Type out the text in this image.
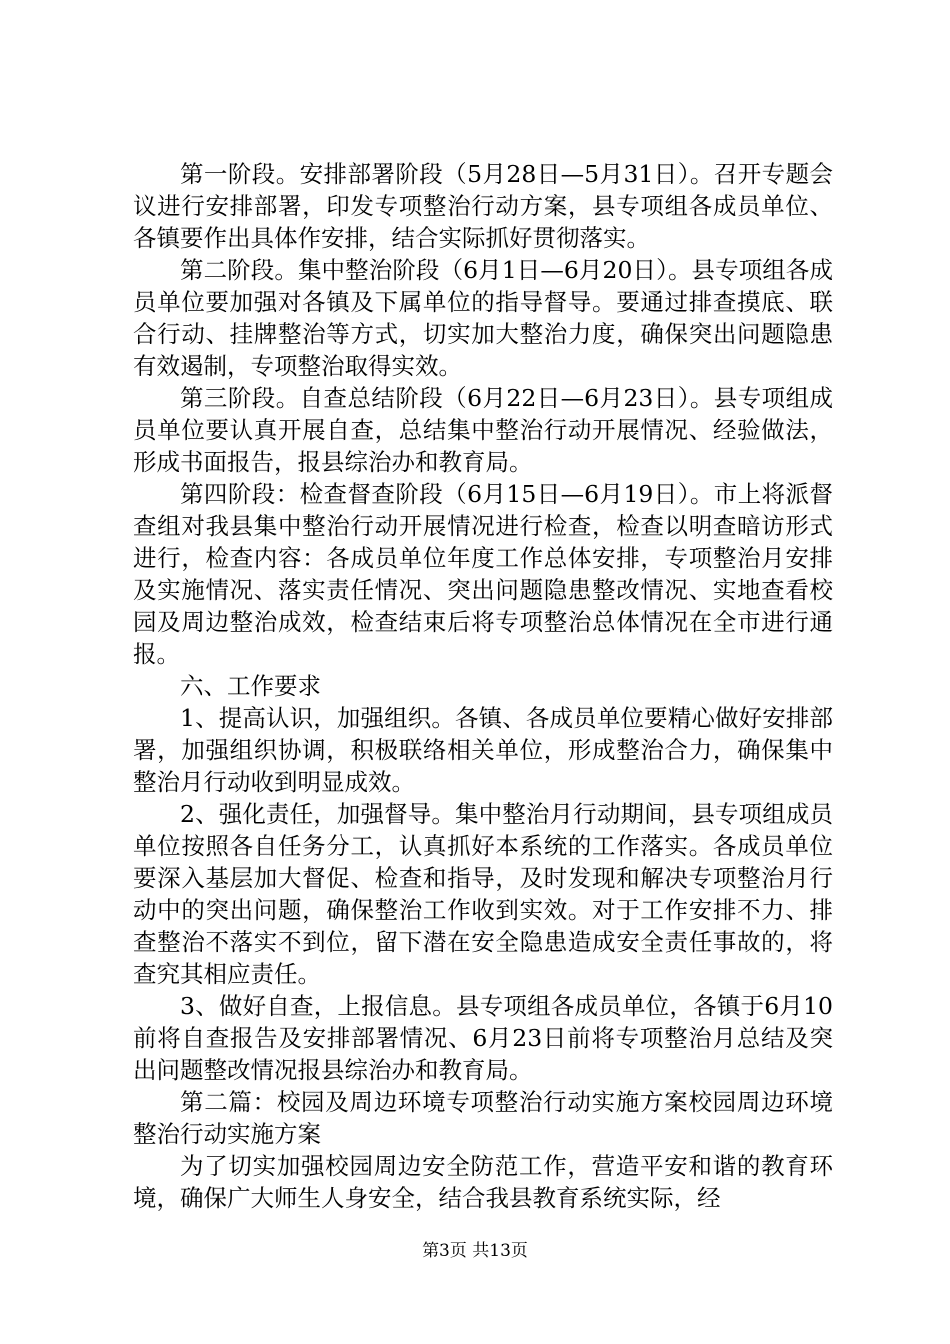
第一阶段。安排部署阶段（5月28日—5月31日）。召开专题会议进行安排部署，印发专项整治行动方案，县专项组各成员单位、各镇要作出具体作安排，结合实际抓好贯彻落实。

第二阶段。集中整治阶段（6月1日—6月20日）。县专项组各成员单位要加强对各镇及下属单位的指导督导。要通过排查摸底、联合行动、挂牌整治等方式，切实加大整治力度，确保突出问题隐患有效遏制，专项整治取得实效。

第三阶段。自查总结阶段（6月22日—6月23日）。县专项组成员单位要认真开展自查，总结集中整治行动开展情况、经验做法，形成书面报告，报县综治办和教育局。

第四阶段：检查督查阶段（6月15日—6月19日）。市上将派督查组对我县集中整治行动开展情况进行检查，检查以明查暗访形式进行，检查内容：各成员单位年度工作总体安排，专项整治月安排及实施情况、落实责任情况、突出问题隐患整改情况、实地查看校园及周边整治成效，检查结束后将专项整治总体情况在全市进行通报。

六、工作要求

1、提高认识，加强组织。各镇、各成员单位要精心做好安排部署，加强组织协调，积极联络相关单位，形成整治合力，确保集中整治月行动收到明显成效。

2、强化责任，加强督导。集中整治月行动期间，县专项组成员单位按照各自任务分工，认真抓好本系统的工作落实。各成员单位要深入基层加大督促、检查和指导，及时发现和解决专项整治月行动中的突出问题，确保整治工作收到实效。对于工作安排不力、排查整治不落实不到位，留下潜在安全隐患造成安全责任事故的，将查究其相应责任。

3、做好自查，上报信息。县专项组各成员单位，各镇于6月10前将自查报告及安排部署情况、6月23日前将专项整治月总结及突出问题整改情况报县综治办和教育局。

第二篇：校园及周边环境专项整治行动实施方案校园周边环境整治行动实施方案

为了切实加强校园周边安全防范工作，营造平安和谐的教育环境，确保广大师生人身安全，结合我县教育系统实际，经

第3页 共13页
